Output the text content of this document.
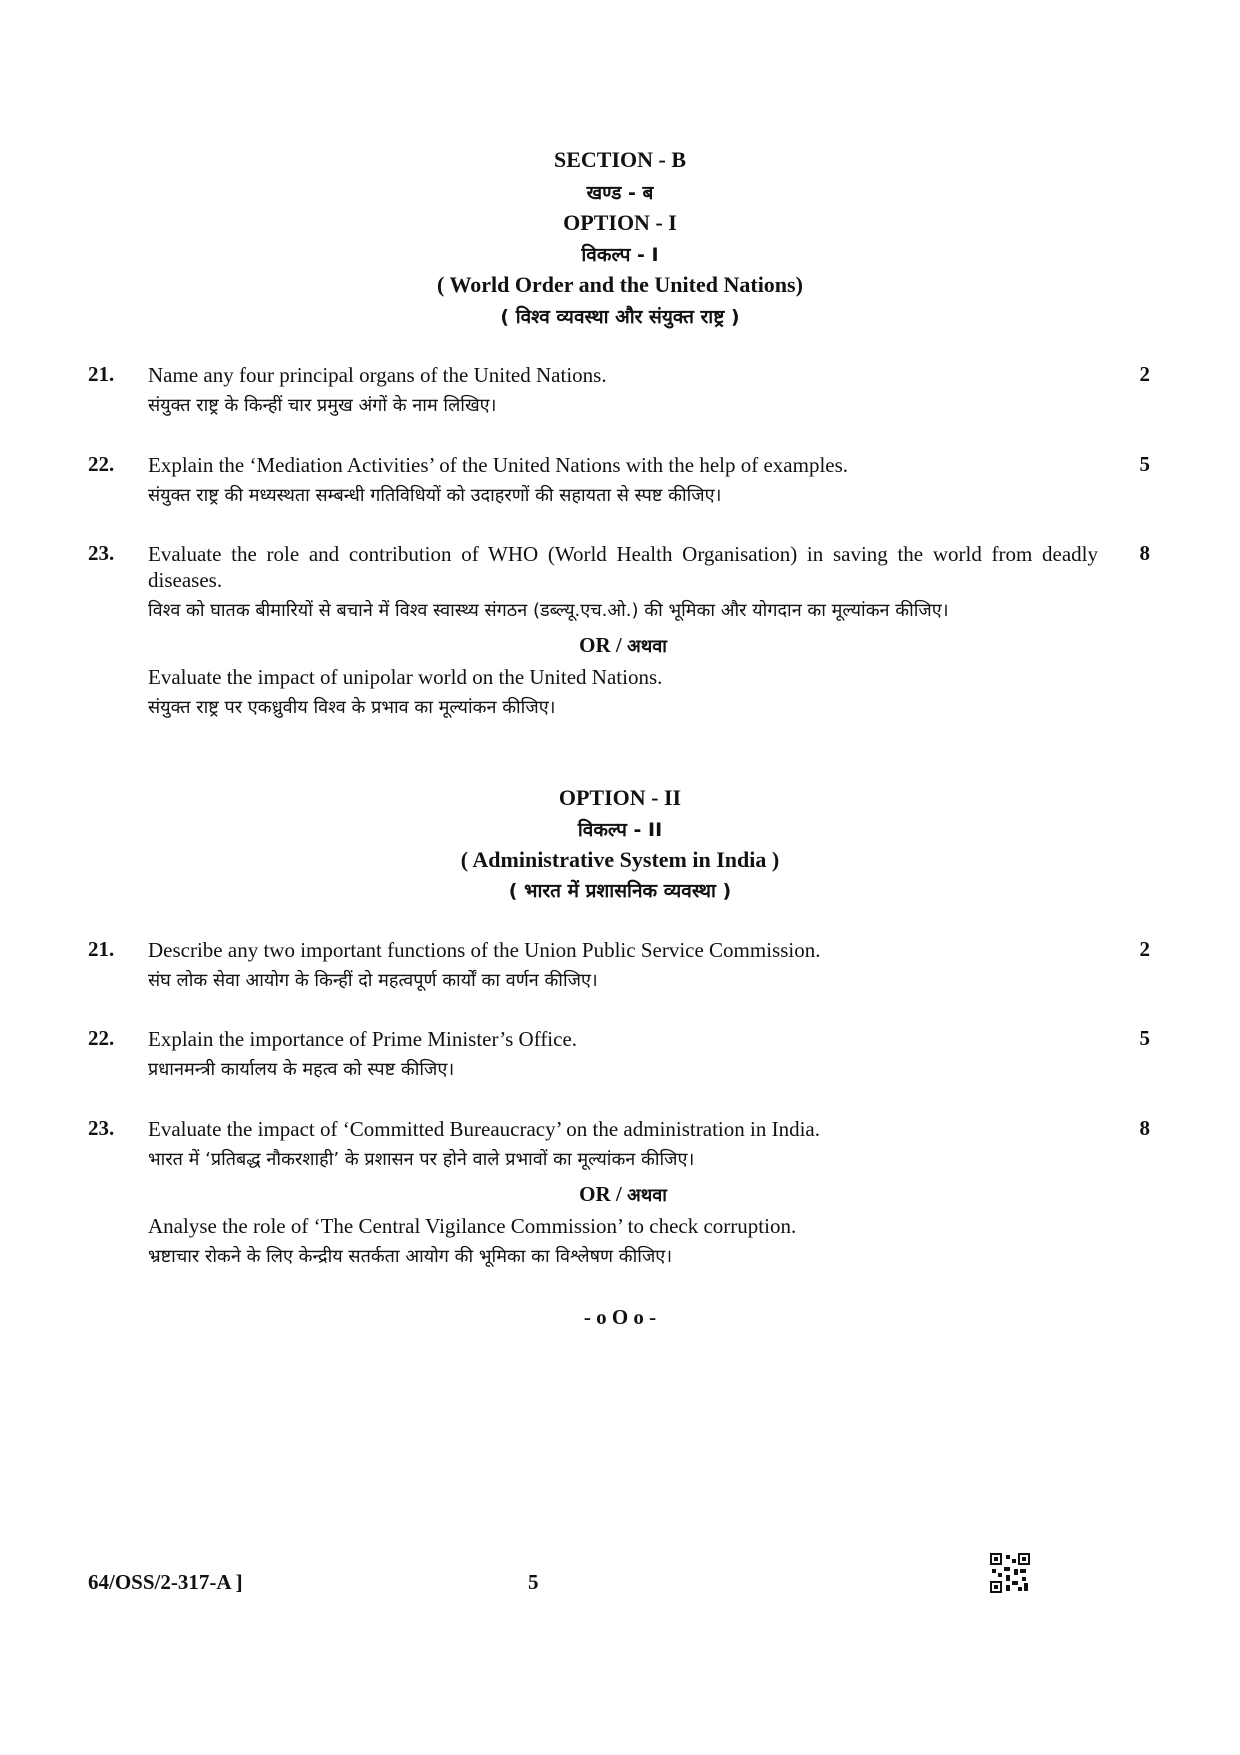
SECTION - B
खण्ड - ब
OPTION - I
विकल्प - I
( World Order and the United Nations)
( विश्व व्यवस्था और संयुक्त राष्ट्र )
21. Name any four principal organs of the United Nations.
संयुक्त राष्ट्र के किन्हीं चार प्रमुख अंगों के नाम लिखिए।
2
22. Explain the ‘Mediation Activities’ of the United Nations with the help of examples.
संयुक्त राष्ट्र की मध्यस्थता सम्बन्धी गतिविधियों को उदाहरणों की सहायता से स्पष्ट कीजिए।
5
23. Evaluate the role and contribution of WHO (World Health Organisation) in saving the world from deadly diseases.
विश्व को घातक बीमारियों से बचाने में विश्व स्वास्थ्य संगठन (डब्ल्यू.एच.ओ.) की भूमिका और योगदान का मूल्यांकन कीजिए।
OR / अथवा
Evaluate the impact of unipolar world on the United Nations.
संयुक्त राष्ट्र पर एकध्रुवीय विश्व के प्रभाव का मूल्यांकन कीजिए।
8
OPTION - II
विकल्प - II
( Administrative System in India )
( भारत में प्रशासनिक व्यवस्था )
21. Describe any two important functions of the Union Public Service Commission.
संघ लोक सेवा आयोग के किन्हीं दो महत्वपूर्ण कार्यों का वर्णन कीजिए।
2
22. Explain the importance of Prime Minister’s Office.
प्रधानमन्त्री कार्यालय के महत्व को स्पष्ट कीजिए।
5
23. Evaluate the impact of ‘Committed Bureaucracy’ on the administration in India.
भारत में ‘प्रतिबद्ध नौकरशाही’ के प्रशासन पर होने वाले प्रभावों का मूल्यांकन कीजिए।
OR / अथवा
Analyse the role of ‘The Central Vigilance Commission’ to check corruption.
भ्रष्टाचार रोकने के लिए केन्द्रीय सतर्कता आयोग की भूमिका का विश्लेषण कीजिए।
8
- o O o -
64/OSS/2-317-A ]	5
